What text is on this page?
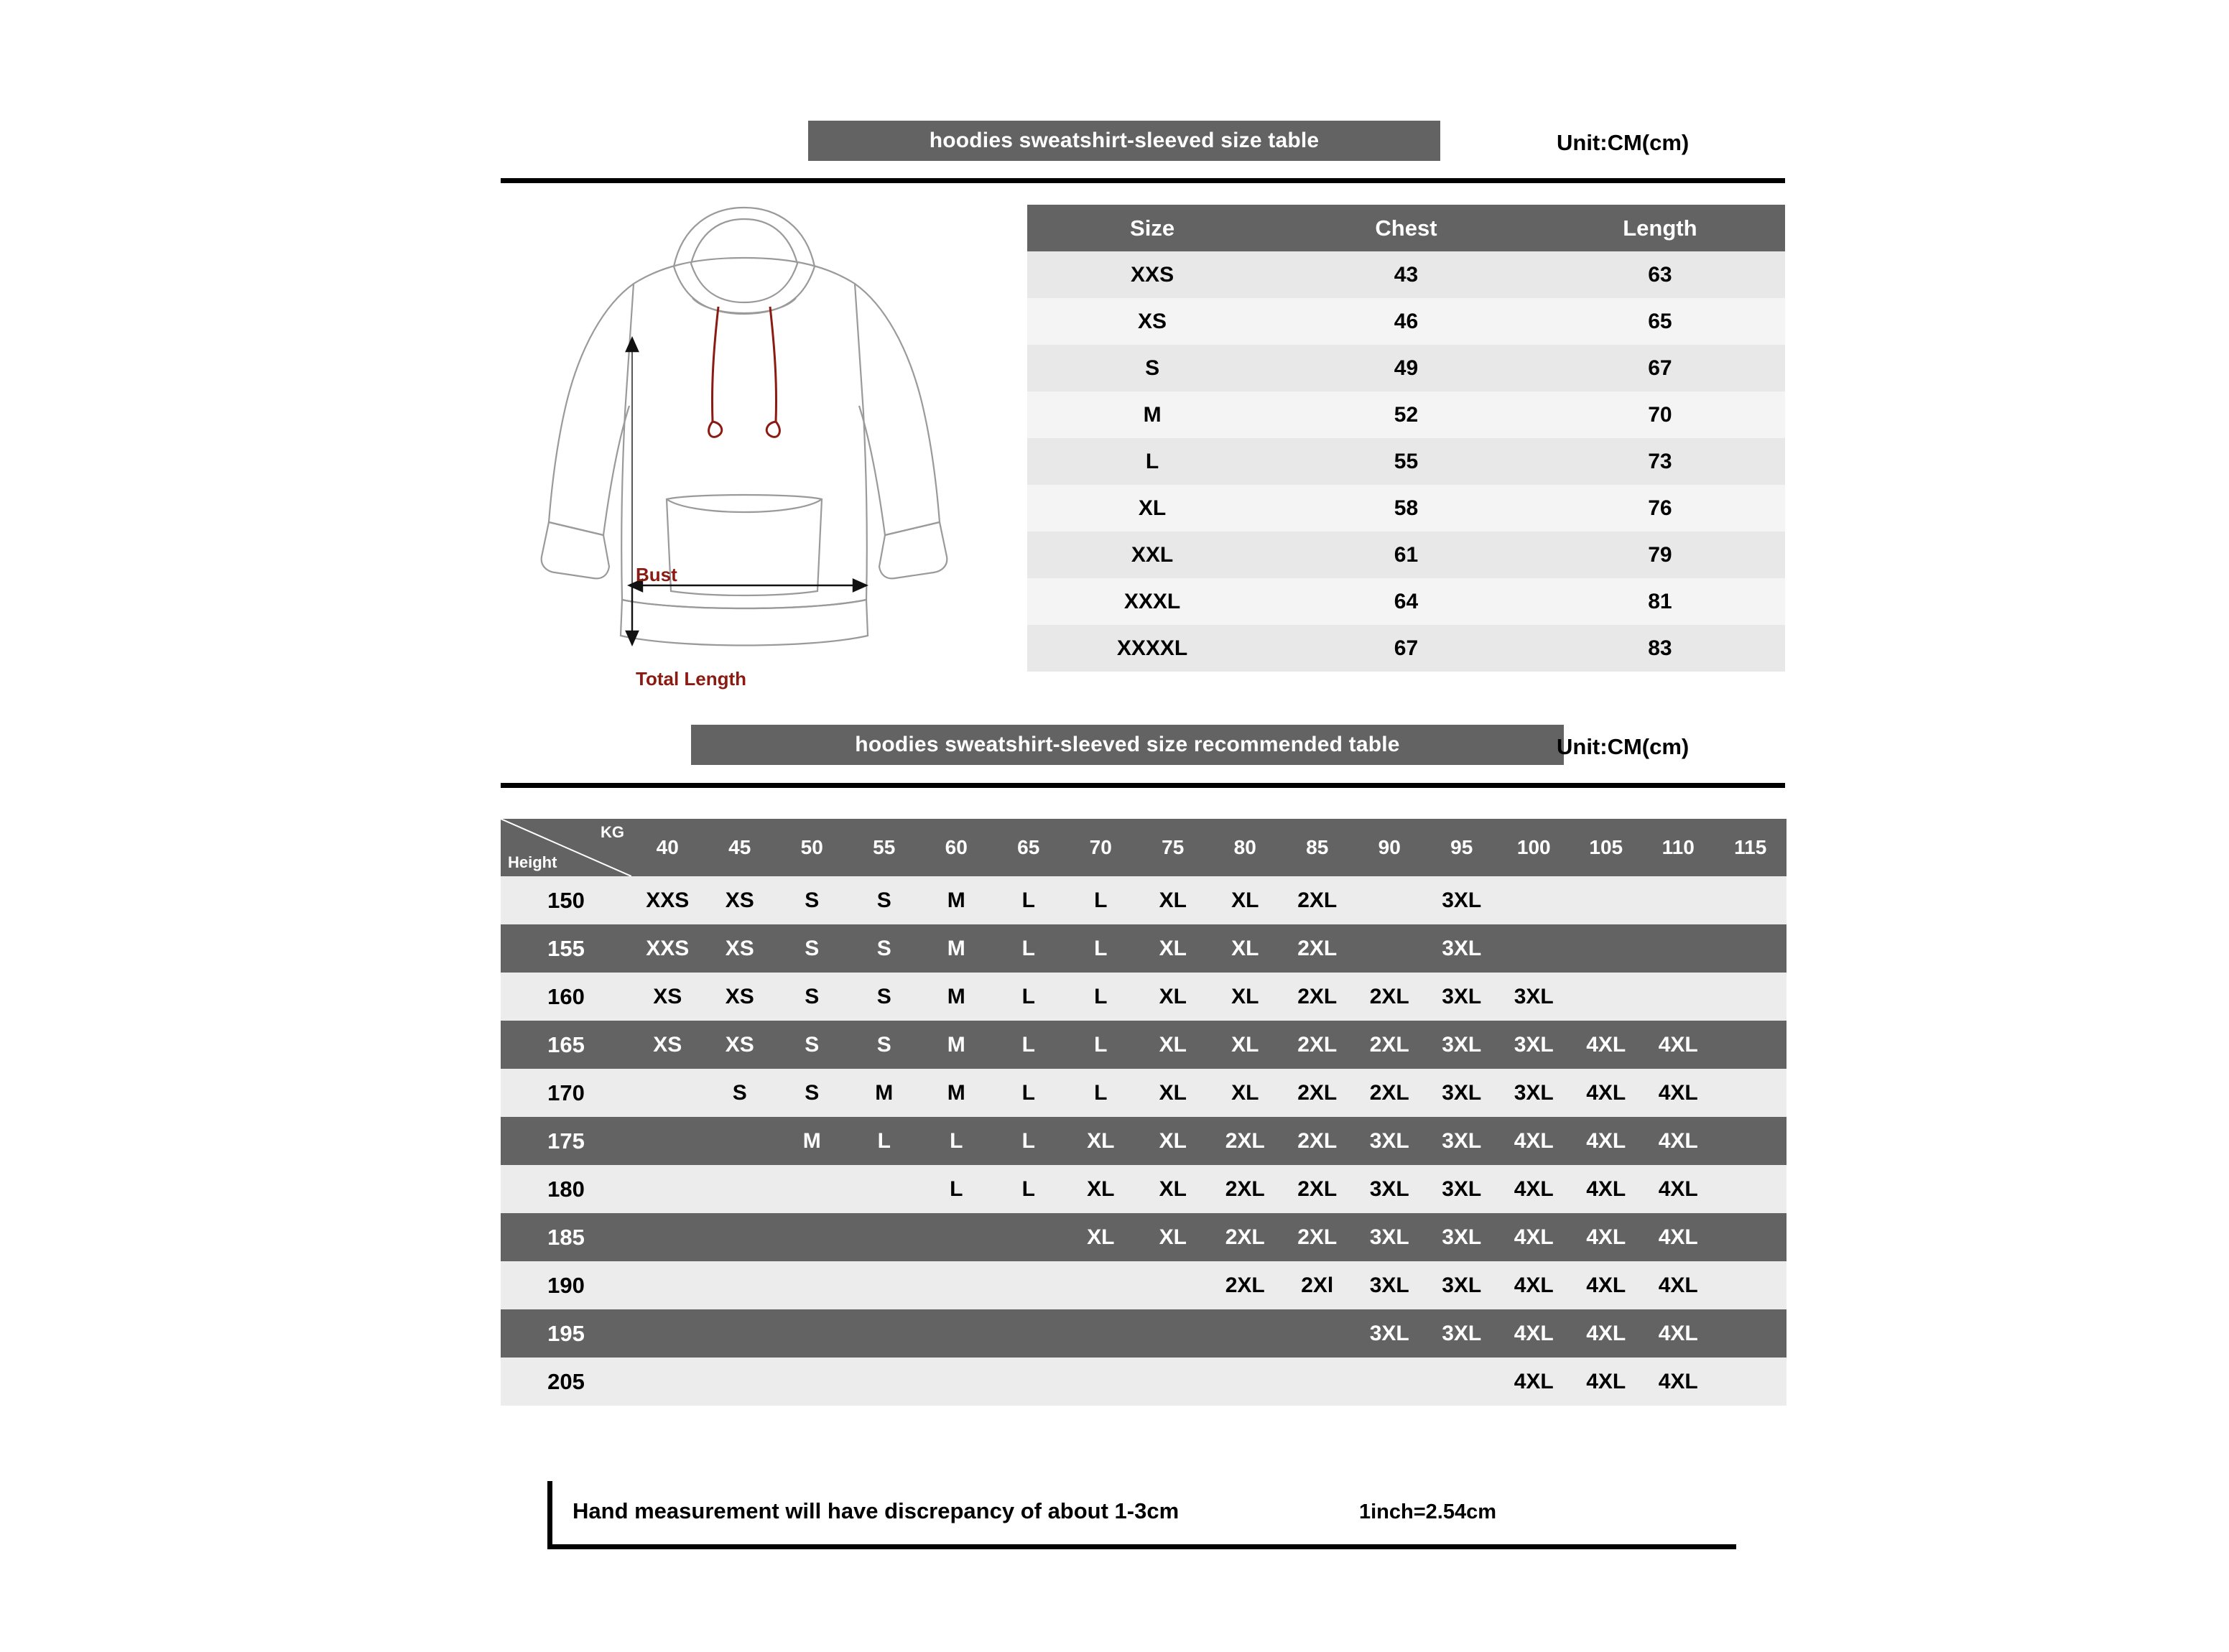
hoodies sweatshirt-sleeved size table	Unit:CM(cm)
Bust
Total Length
Size	Chest	Length
XXS	43	63
XS	46	65
S	49	67
M	52	70
L	55	73
XL	58	76
XXL	61	79
XXXL	64	81
XXXXL	67	83
hoodies sweatshirt-sleeved size recommended table	Unit:CM(cm)
KG
Height	40	45	50	55	60	65	70	75	80	85	90	95	100	105	110	115
150	XXS	XS	S	S	M	L	L	XL	XL	2XL		3XL				
155	XXS	XS	S	S	M	L	L	XL	XL	2XL		3XL				
160	XS	XS	S	S	M	L	L	XL	XL	2XL	2XL	3XL	3XL			
165	XS	XS	S	S	M	L	L	XL	XL	2XL	2XL	3XL	3XL	4XL	4XL	
170		S	S	M	M	L	L	XL	XL	2XL	2XL	3XL	3XL	4XL	4XL	
175			M	L	L	L	XL	XL	2XL	2XL	3XL	3XL	4XL	4XL	4XL	
180					L	L	XL	XL	2XL	2XL	3XL	3XL	4XL	4XL	4XL	
185							XL	XL	2XL	2XL	3XL	3XL	4XL	4XL	4XL	
190									2XL	2Xl	3XL	3XL	4XL	4XL	4XL	
195											3XL	3XL	4XL	4XL	4XL	
205													4XL	4XL	4XL	
Hand measurement will have discrepancy of about 1-3cm	1inch=2.54cm
